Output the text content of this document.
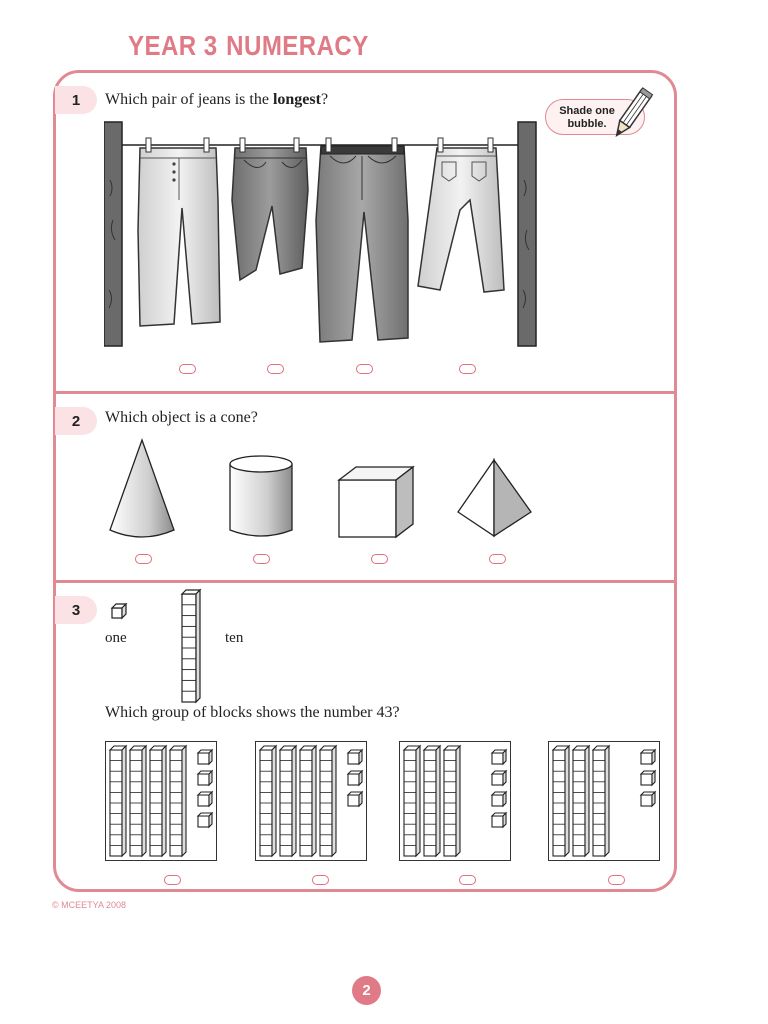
YEAR 3 NUMERACY
1	Which pair of jeans is the longest?
Shade one
bubble.
2	Which object is a cone?
3
one	ten
Which group of blocks shows the number 43?
© MCEETYA 2008
2
